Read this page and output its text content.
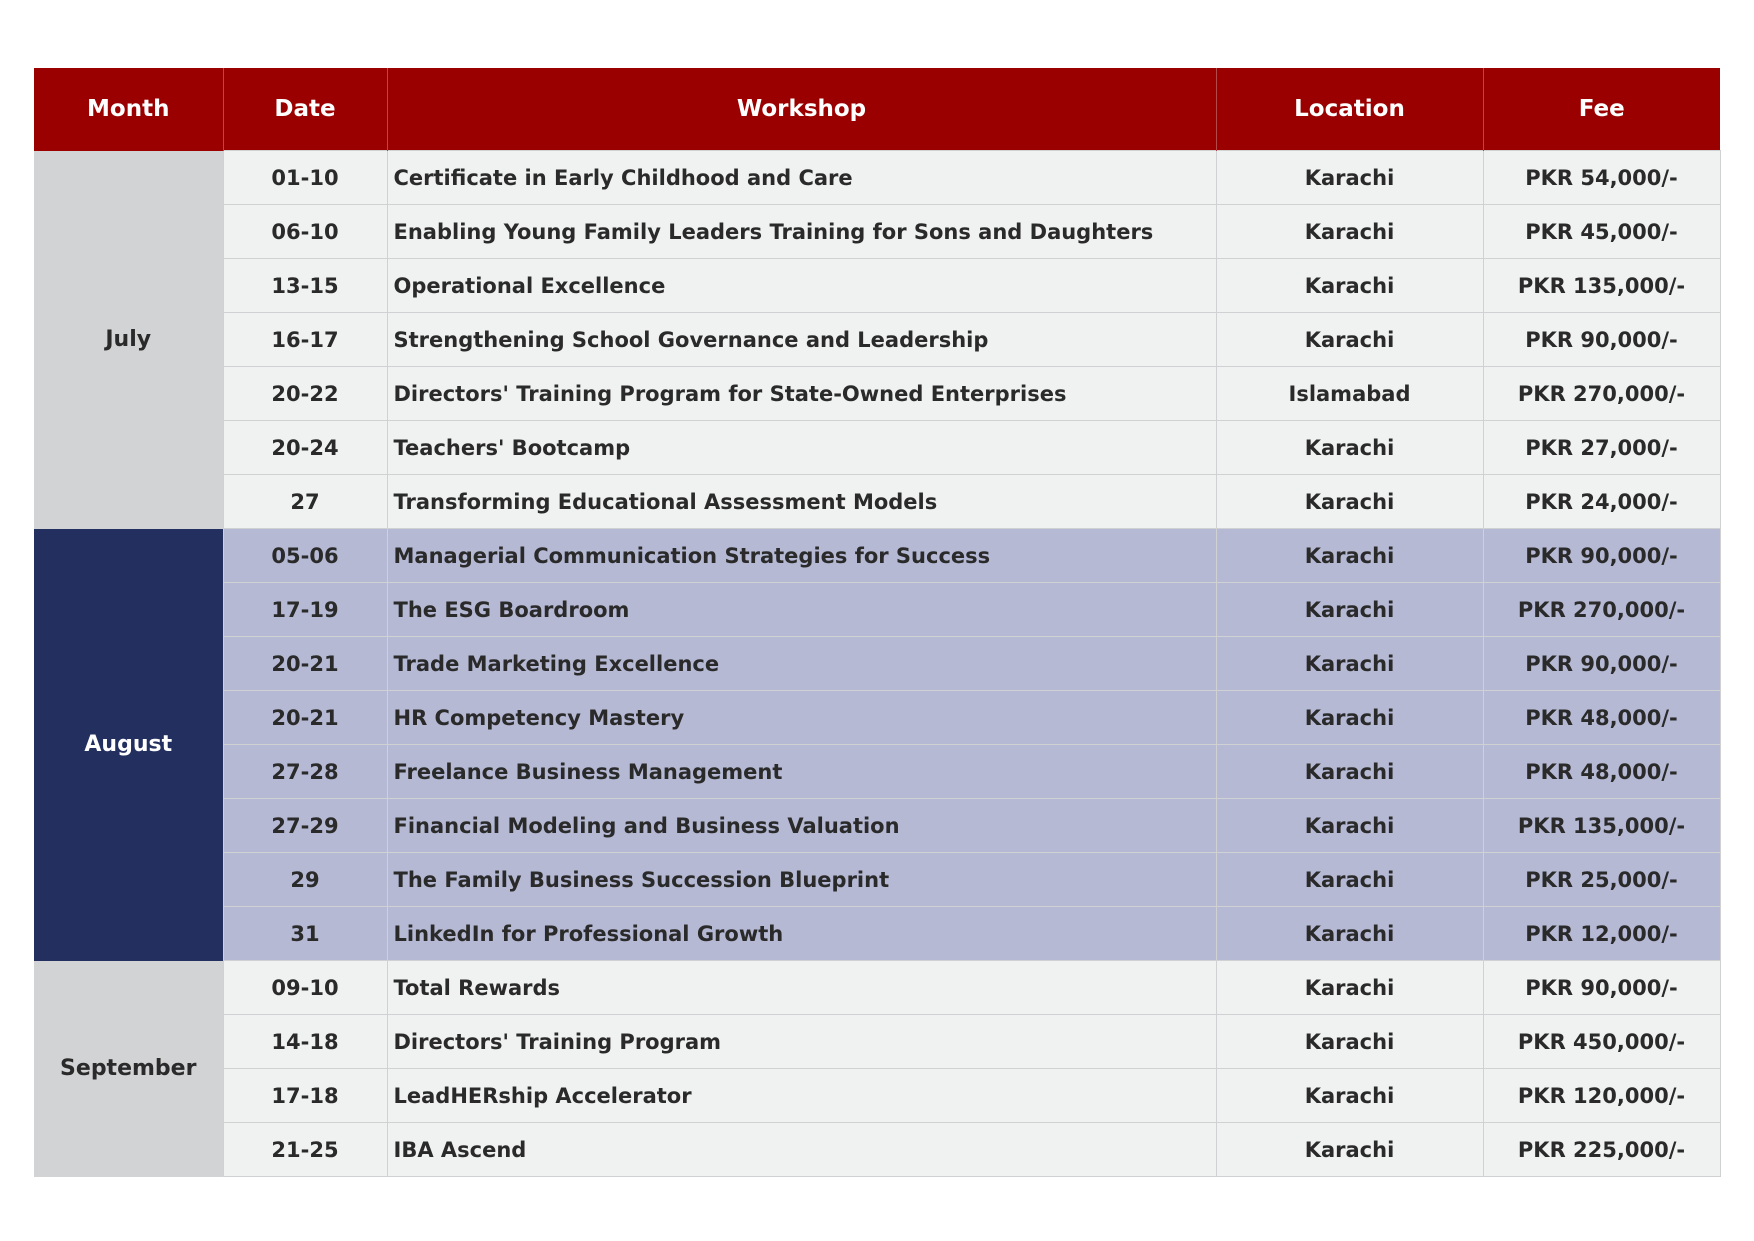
Month	Date	Workshop	Location	Fee
July	01-10	Certificate in Early Childhood and Care	Karachi	PKR 54,000/-
	06-10	Enabling Young Family Leaders Training for Sons and Daughters	Karachi	PKR 45,000/-
	13-15	Operational Excellence	Karachi	PKR 135,000/-
	16-17	Strengthening School Governance and Leadership	Karachi	PKR 90,000/-
	20-22	Directors' Training Program for State-Owned Enterprises	Islamabad	PKR 270,000/-
	20-24	Teachers' Bootcamp	Karachi	PKR 27,000/-
	27	Transforming Educational Assessment Models	Karachi	PKR 24,000/-
August	05-06	Managerial Communication Strategies for Success	Karachi	PKR 90,000/-
	17-19	The ESG Boardroom	Karachi	PKR 270,000/-
	20-21	Trade Marketing Excellence	Karachi	PKR 90,000/-
	20-21	HR Competency Mastery	Karachi	PKR 48,000/-
	27-28	Freelance Business Management	Karachi	PKR 48,000/-
	27-29	Financial Modeling and Business Valuation	Karachi	PKR 135,000/-
	29	The Family Business Succession Blueprint	Karachi	PKR 25,000/-
	31	LinkedIn for Professional Growth	Karachi	PKR 12,000/-
September	09-10	Total Rewards	Karachi	PKR 90,000/-
	14-18	Directors' Training Program	Karachi	PKR 450,000/-
	17-18	LeadHERship Accelerator	Karachi	PKR 120,000/-
	21-25	IBA Ascend	Karachi	PKR 225,000/-
